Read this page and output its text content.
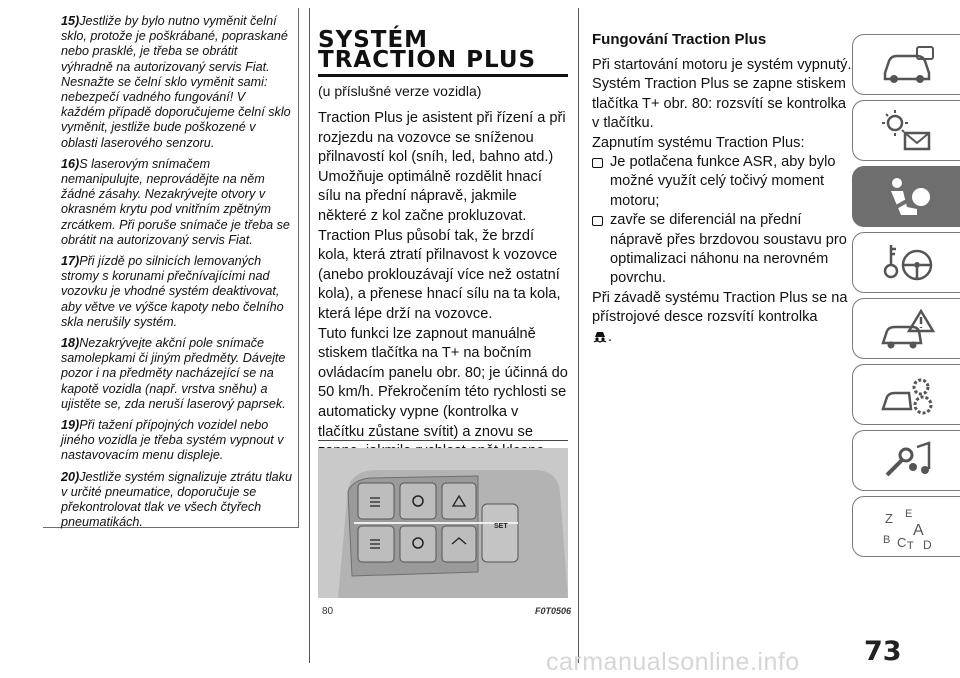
15)Jestliže by bylo nutno vyměnit čelní sklo, protože je poškrábané, popraskané nebo prasklé, je třeba se obrátit výhradně na autorizovaný servis Fiat. Nesnažte se čelní sklo vyměnit sami: nebezpečí vadného fungování! V každém případě doporučujeme čelní sklo vyměnit, jestliže bude poškozené v oblasti laserového senzoru.
16)S laserovým snímačem nemanipulujte, neprovádějte na něm žádné zásahy. Nezakrývejte otvory v okrasném krytu pod vnitřním zpětným zrcátkem. Při poruše snímače je třeba se obrátit na autorizovaný servis Fiat.
17)Při jízdě po silnicích lemovaných stromy s korunami přečnívajícími nad vozovku je vhodné systém deaktivovat, aby větve ve výšce kapoty nebo čelního skla nerušily systém.
18)Nezakrývejte akční pole snímače samolepkami či jiným předměty. Dávejte pozor i na předměty nacházející se na kapotě vozidla (např. vrstva sněhu) a ujistěte se, zda neruší laserový paprsek.
19)Při tažení přípojných vozidel nebo jiného vozidla je třeba systém vypnout v nastavovacím menu displeje.
20)Jestliže systém signalizuje ztrátu tlaku v určité pneumatice, doporučuje se překontrolovat tlak ve všech čtyřech pneumatikách.
SYSTÉM TRACTION PLUS
(u příslušné verze vozidla)

Traction Plus je asistent při řízení a při rozjezdu na vozovce se sníženou přilnavostí kol (sníh, led, bahno atd.)

Umožňuje optimálně rozdělit hnací sílu na přední nápravě, jakmile některé z kol začne prokluzovat.

Traction Plus působí tak, že brzdí kola, která ztratí přilnavost k vozovce (anebo proklouzávají více než ostatní kola), a přenese hnací sílu na ta kola, která lépe drží na vozovce.

Tuto funkci lze zapnout manuálně stiskem tlačítka na T+ na bočním ovládacím panelu obr. 80; je účinná do 50 km/h. Překročením této rychlosti se automaticky vypne (kontrolka v tlačítku zůstane svítit) a znovu se

SET
80	F0T0506
Fungování Traction Plus

Při startování motoru je systém vypnutý. Systém Traction Plus se zapne stiskem tlačítka T+ obr. 80: rozsvítí se kontrolka v tlačítku.

Zapnutím systému Traction Plus:

Je potlačena funkce ASR, aby bylo možné využít celý točivý moment motoru;
zavře se diferenciál na přední nápravě přes brzdovou soustavu pro optimalizaci náhonu na nerovném povrchu.

Při závadě systému Traction Plus se na přístrojové desce rozsvítí kontrolka
.

Z E
A
B C T D
73
carmanualsonline.info
